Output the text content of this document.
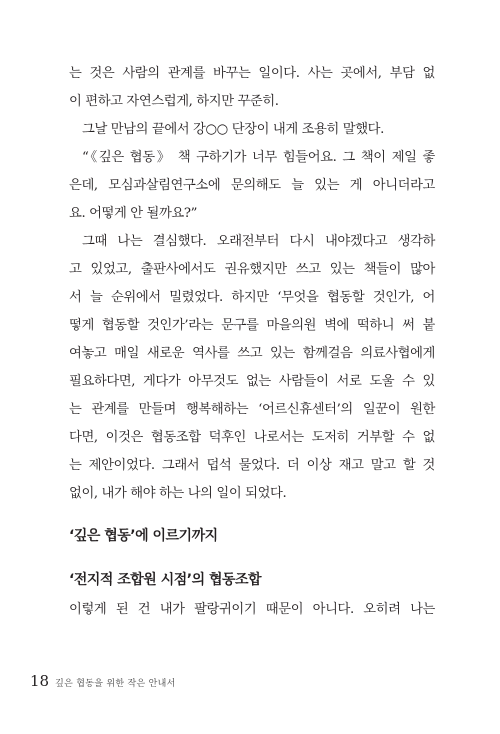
는 것은 사람의 관계를 바꾸는 일이다. 사는 곳에서, 부담 없
이 편하고 자연스럽게, 하지만 꾸준히.
그날 만남의 끝에서 강○○ 단장이 내게 조용히 말했다.
“《깊은 협동》 책 구하기가 너무 힘들어요. 그 책이 제일 좋
은데, 모심과살림연구소에 문의해도 늘 있는 게 아니더라고
요. 어떻게 안 될까요?”
그때 나는 결심했다. 오래전부터 다시 내야겠다고 생각하
고 있었고, 출판사에서도 권유했지만 쓰고 있는 책들이 많아
서 늘 순위에서 밀렸었다. 하지만 ‘무엇을 협동할 것인가, 어
떻게 협동할 것인가’라는 문구를 마을의원 벽에 떡하니 써 붙
여놓고 매일 새로운 역사를 쓰고 있는 함께걸음 의료사협에게
필요하다면, 게다가 아무것도 없는 사람들이 서로 도울 수 있
는 관계를 만들며 행복해하는 ‘어르신휴센터’의 일꾼이 원한
다면, 이것은 협동조합 덕후인 나로서는 도저히 거부할 수 없
는 제안이었다. 그래서 덥석 물었다. 더 이상 재고 말고 할 것
없이, 내가 해야 하는 나의 일이 되었다.
‘깊은 협동’에 이르기까지
‘전지적 조합원 시점’의 협동조합
이렇게 된 건 내가 팔랑귀이기 때문이 아니다. 오히려 나는
18 깊은 협동을 위한 작은 안내서
